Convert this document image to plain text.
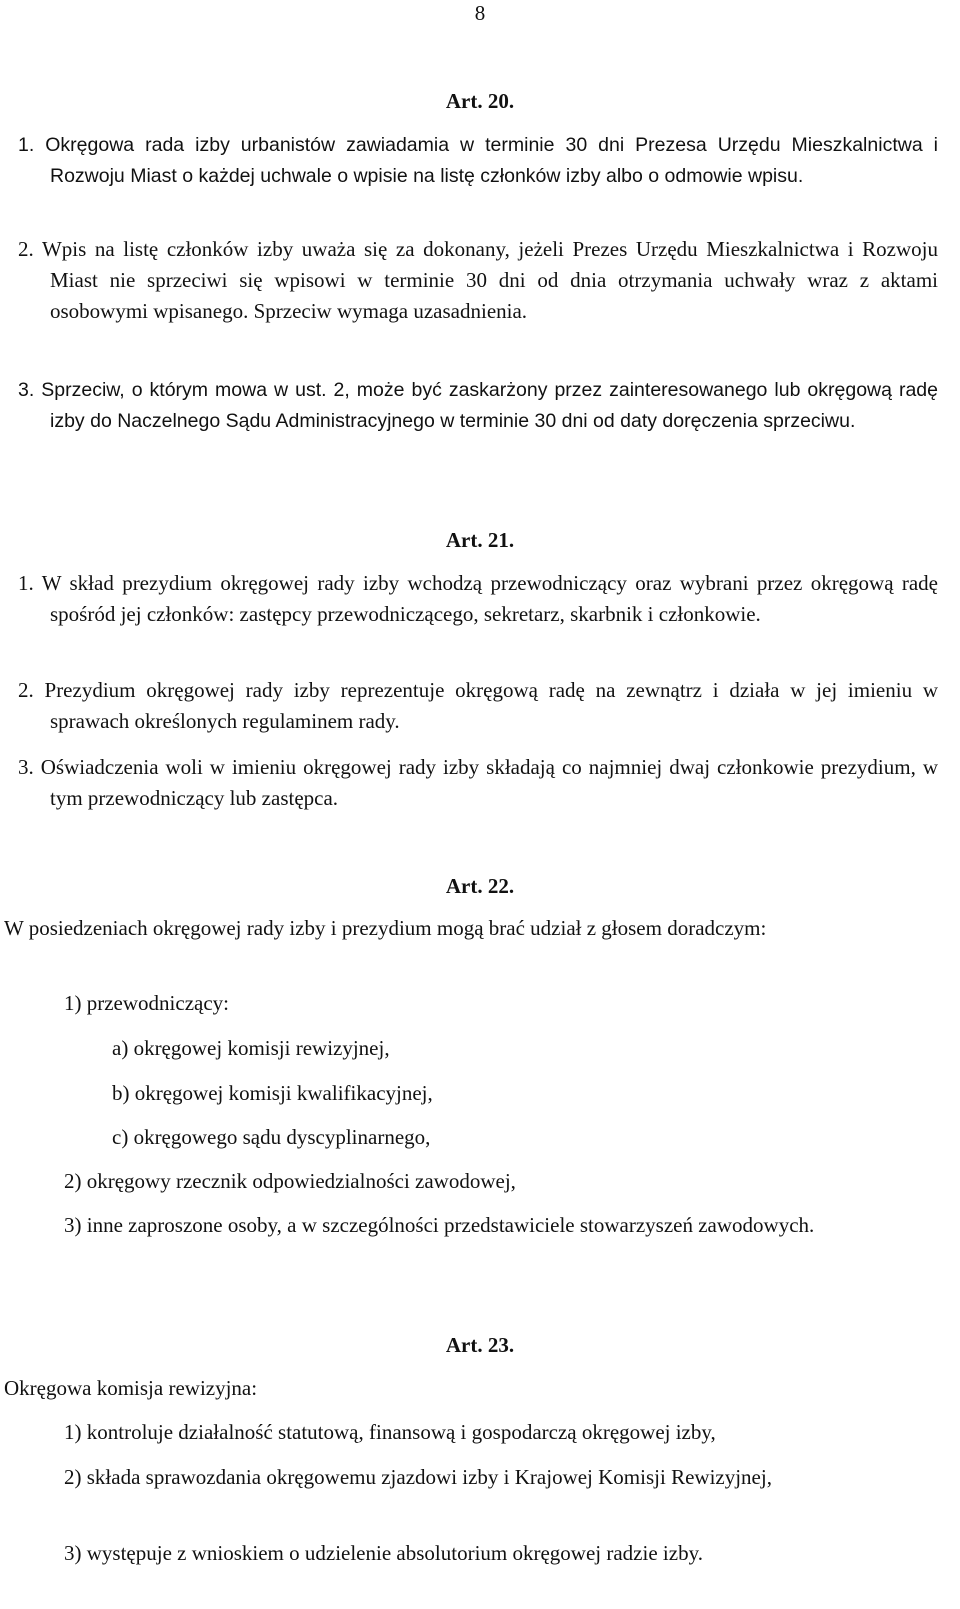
8
Art. 20.
1. Okręgowa rada izby urbanistów zawiadamia w terminie 30 dni Prezesa Urzędu Mieszkalnictwa i Rozwoju Miast o każdej uchwale o wpisie na listę członków izby albo o odmowie wpisu.
2. Wpis na listę członków izby uważa się za dokonany, jeżeli Prezes Urzędu Mieszkalnictwa i Rozwoju Miast nie sprzeciwi się wpisowi w terminie 30 dni od dnia otrzymania uchwały wraz z aktami osobowymi wpisanego. Sprzeciw wymaga uzasadnienia.
3. Sprzeciw, o którym mowa w ust. 2, może być zaskarżony przez zainteresowanego lub okręgową radę izby do Naczelnego Sądu Administracyjnego w terminie 30 dni od daty doręczenia sprzeciwu.
Art. 21.
1. W skład prezydium okręgowej rady izby wchodzą przewodniczący oraz wybrani przez okręgową radę spośród jej członków: zastępcy przewodniczącego, sekretarz, skarbnik i członkowie.
2. Prezydium okręgowej rady izby reprezentuje okręgową radę na zewnątrz i działa w jej imieniu w sprawach określonych regulaminem rady.
3. Oświadczenia woli w imieniu okręgowej rady izby składają co najmniej dwaj członkowie prezydium, w tym przewodniczący lub zastępca.
Art. 22.
W posiedzeniach okręgowej rady izby i prezydium mogą brać udział z głosem doradczym:
1) przewodniczący:
a) okręgowej komisji rewizyjnej,
b) okręgowej komisji kwalifikacyjnej,
c) okręgowego sądu dyscyplinarnego,
2) okręgowy rzecznik odpowiedzialności zawodowej,
3) inne zaproszone osoby, a w szczególności przedstawiciele stowarzyszeń zawodowych.
Art. 23.
Okręgowa komisja rewizyjna:
1) kontroluje działalność statutową, finansową i gospodarczą okręgowej izby,
2) składa sprawozdania okręgowemu zjazdowi izby i Krajowej Komisji Rewizyjnej,
3) występuje z wnioskiem o udzielenie absolutorium okręgowej radzie izby.
